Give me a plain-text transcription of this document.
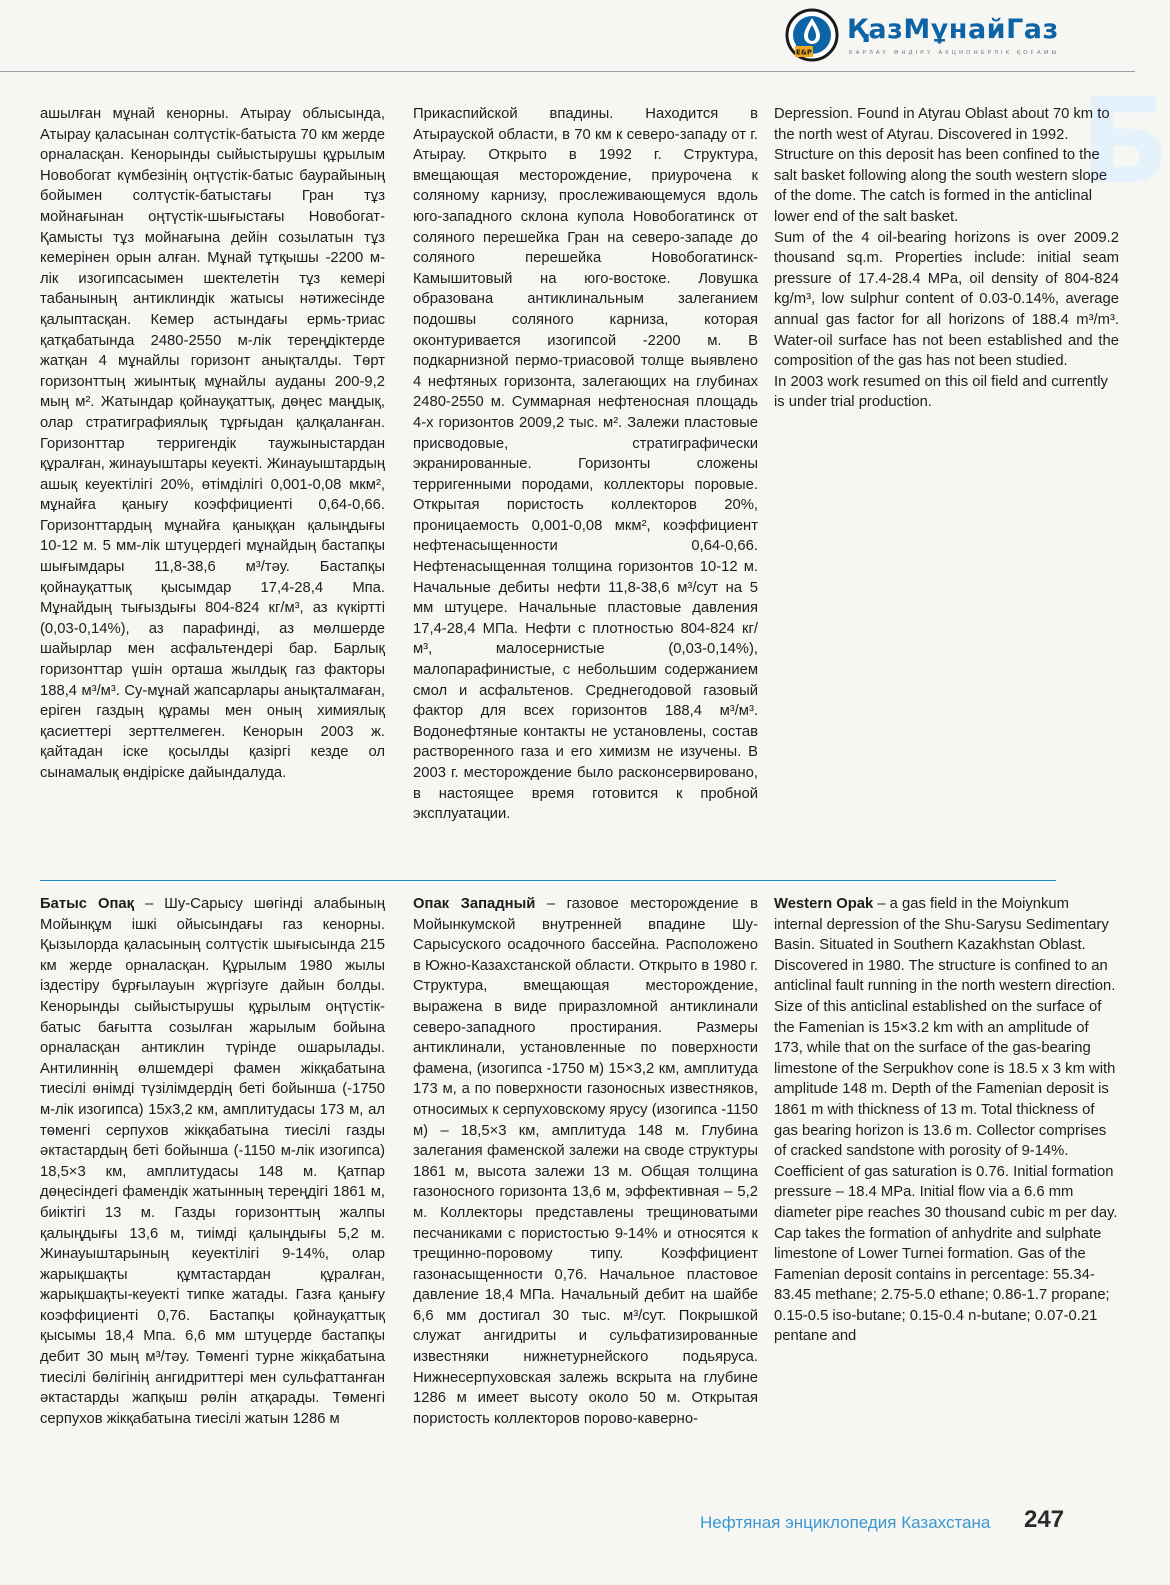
E&P
ҚазМұнайГаз
БАРЛАУ ӨНДІРУ АКЦИОНЕРЛІК ҚОҒАМЫ
Б

ашылған мұнай кенорны. Атырау облысында, Атырау қаласынан солтүстік-батыста 70 км жерде орналасқан. Кенорынды сыйыстырушы құрылым Новобогат күмбезінің оңтүстік-батыс баурайының бойымен солтүстік-батыстағы Гран тұз мойнағынан оңтүстік-шығыстағы Новобогат-Қамысты тұз мойнағына дейін созылатын тұз кемерінен орын алған. Мұнай тұтқышы -2200 м-лік изогипсасымен шектелетін тұз кемері табанының антиклиндік жатысы нәтижесінде қалыптасқан. Кемер астындағы ермь-триас қатқабатында 2480-2550 м-лік тереңдіктерде жатқан 4 мұнайлы горизонт анықталды. Төрт горизонттың жиынтық мұнайлы ауданы 200-9,2 мың м². Жатындар қойнауқаттық, дөңес маңдық, олар стратиграфиялық тұрғыдан қалқаланған. Горизонттар терригендік таужыныстардан құралған, жинауыштары кеуекті. Жинауыштардың ашық кеуектілігі 20%, өтімділігі 0,001-0,08 мкм², мұнайға қанығу коэффициенті 0,64-0,66. Горизонттардың мұнайға қаныққан қалыңдығы 10-12 м. 5 мм-лік штуцердегі мұнайдың бастапқы шығымдары 11,8-38,6 м³/тәу. Бастапқы қойнауқаттық қысымдар 17,4-28,4 Мпа. Мұнайдың тығыздығы 804-824 кг/м³, аз күкіртті (0,03-0,14%), аз парафинді, аз мөлшерде шайырлар мен асфальтендері бар. Барлық горизонттар үшін орташа жылдық газ факторы 188,4 м³/м³. Су-мұнай жапсарлары анықталмаған, еріген газдың құрамы мен оның химиялық қасиеттері зерттелмеген. Кенорын 2003 ж. қайтадан іске қосылды қазіргі кезде ол сынамалық өндіріске дайындалуда.

Прикаспийской впадины. Находится в Атырауской области, в 70 км к северо-западу от г. Атырау. Открыто в 1992 г. Структура, вмещающая месторождение, приурочена к соляному карнизу, прослеживающемуся вдоль юго-западного склона купола Новобогатинск от соляного перешейка Гран на северо-западе до соляного перешейка Новобогатинск-Камышитовый на юго-востоке. Ловушка образована антиклинальным залеганием подошвы соляного карниза, которая оконтуривается изогипсой -2200 м. В подкарнизной пермо-триасовой толще выявлено 4 нефтяных горизонта, залегающих на глубинах 2480-2550 м. Суммарная нефтеносная площадь 4-х горизонтов 2009,2 тыс. м². Залежи пластовые присводовые, стратиграфически экранированные. Горизонты сложены терригенными породами, коллекторы поровые. Открытая пористость коллекторов 20%, проницаемость 0,001-0,08 мкм², коэффициент нефтенасыщенности 0,64-0,66. Нефтенасыщенная толщина горизонтов 10-12 м. Начальные дебиты нефти 11,8-38,6 м³/сут на 5 мм штуцере. Начальные пластовые давления 17,4-28,4 МПа. Нефти с плотностью 804-824 кг/м³, малосернистые (0,03-0,14%), малопарафинистые, с небольшим содержанием смол и асфальтенов. Среднегодовой газовый фактор для всех горизонтов 188,4 м³/м³. Водонефтяные контакты не установлены, состав растворенного газа и его химизм не изучены. В 2003 г. месторождение было расконсервировано, в настоящее время готовится к пробной эксплуатации.

Depression. Found in Atyrau Oblast about 70 km to the north west of Atyrau. Discovered in 1992. Structure on this deposit has been confined to the salt basket following along the south western slope of the dome. The catch is formed in the anticlinal lower end of the salt basket.

Sum of the 4 oil-bearing horizons is over 2009.2 thousand sq.m. Properties include: initial seam pressure of 17.4-28.4 MPa, oil density of 804-824 kg/m³, low sulphur content of 0.03-0.14%, average annual gas factor for all horizons of 188.4 m³/m³. Water-oil surface has not been established and the composition of the gas has not been studied.

In 2003 work resumed on this oil field and currently is under trial production.

Батыс Опақ – Шу-Сарысу шөгінді алабының Мойынқұм ішкі ойысындағы газ кенорны. Қызылорда қаласының солтүстік шығысында 215 км жерде орналасқан. Құрылым 1980 жылы іздестіру бұрғылауын жүргізуге дайын болды. Кенорынды сыйыстырушы құрылым оңтүстік-батыс бағытта созылған жарылым бойына орналасқан антиклин түрінде ошарылады. Антилиннің өлшемдері фамен жікқабатына тиесілі өнімді түзілімдердің беті бойынша (-1750 м-лік изогипса) 15х3,2 км, амплитудасы 173 м, ал төменгі серпухов жікқабатына тиесілі газды әктастардың беті бойынша (-1150 м-лік изогипса) 18,5×3 км, амплитудасы 148 м. Қатпар дөңесіндегі фамендік жатынның тереңдігі 1861 м, биіктігі 13 м. Газды горизонттың жалпы қалыңдығы 13,6 м, тиімді қалыңдығы 5,2 м. Жинауыштарының кеуектілігі 9-14%, олар жарықшақты құмтастардан құралған, жарықшақты-кеуекті типке жатады. Газға қанығу коэффициенті 0,76. Бастапқы қойнауқаттық қысымы 18,4 Мпа. 6,6 мм штуцерде бастапқы дебит 30 мың м³/тәу. Төменгі турне жікқабатына тиесілі бөлігінің ангидриттері мен сульфаттанған әктастарды жапқыш рөлін атқарады. Төменгі серпухов жікқабатына тиесілі жатын 1286 м

Опак Западный – газовое месторождение в Мойынкумской внутренней впадине Шу-Сарысуского осадочного бассейна. Расположено в Южно-Казахстанской области. Открыто в 1980 г. Структура, вмещающая месторождение, выражена в виде приразломной антиклинали северо-западного простирания. Размеры антиклинали, установленные по поверхности фамена, (изогипса -1750 м) 15×3,2 км, амплитуда 173 м, а по поверхности газоносных известняков, относимых к серпуховскому ярусу (изогипса -1150 м) – 18,5×3 км, амплитуда 148 м. Глубина залегания фаменской залежи на своде структуры 1861 м, высота залежи 13 м. Общая толщина газоносного горизонта 13,6 м, эффективная – 5,2 м. Коллекторы представлены трещиноватыми песчаниками с пористостью 9-14% и относятся к трещинно-поровому типу. Коэффициент газонасыщенности 0,76. Начальное пластовое давление 18,4 МПа. Начальный дебит на шайбе 6,6 мм достигал 30 тыс. м³/сут. Покрышкой служат ангидриты и сульфатизированные известняки нижнетурнейского подьяруса. Нижнесерпуховская залежь вскрыта на глубине 1286 м имеет высоту около 50 м. Открытая пористость коллекторов порово-каверно-

Western Opak – a gas field in the Moiynkum internal depression of the Shu-Sarysu Sedimentary Basin. Situated in Southern Kazakhstan Oblast. Discovered in 1980. The structure is confined to an anticlinal fault running in the north western direction. Size of this anticlinal established on the surface of the Famenian is 15×3.2 km with an amplitude of 173, while that on the surface of the gas-bearing limestone of the Serpukhov cone is 18.5 x 3 km with amplitude 148 m. Depth of the Famenian deposit is 1861 m with thickness of 13 m. Total thickness of gas bearing horizon is 13.6 m. Collector comprises of cracked sandstone with porosity of 9-14%. Coefficient of gas saturation is 0.76. Initial formation pressure – 18.4 MPa. Initial flow via a 6.6 mm diameter pipe reaches 30 thousand cubic m per day. Cap takes the formation of anhydrite and sulphate limestone of Lower Turnei formation. Gas of the Famenian deposit contains in percentage: 55.34-83.45 methane; 2.75-5.0 ethane; 0.86-1.7 propane; 0.15-0.5 iso-butane; 0.15-0.4 n-butane; 0.07-0.21 pentane and

Нефтяная энциклопедия Казахстана 247
